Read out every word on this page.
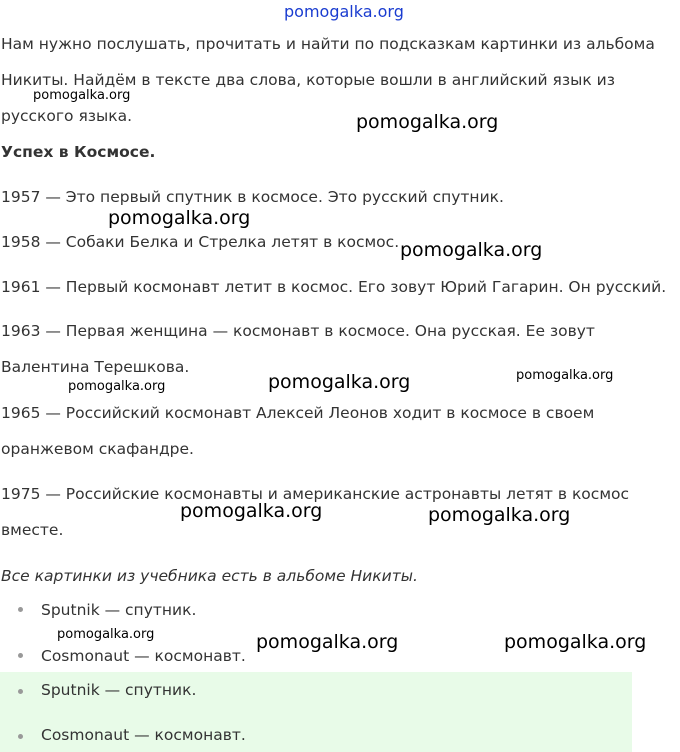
pomogalka.org

Нам нужно послушать, прочитать и найти по подсказкам картинки из альбома

Никиты. Найдём в тексте два слова, которые вошли в английский язык из

русского языка.

Успех в Космосе.

1957 — Это первый спутник в космосе. Это русский спутник.

1958 — Собаки Белка и Стрелка летят в космос.

1961 — Первый космонавт летит в космос. Его зовут Юрий Гагарин. Он русский.

1963 — Первая женщина — космонавт в космосе. Она русская. Ее зовут

Валентина Терешкова.

1965 — Российский космонавт Алексей Леонов ходит в космосе в своем

оранжевом скафандре.

1975 — Российские космонавты и американские астронавты летят в космос

вместе.

Все картинки из учебника есть в альбоме Никиты.

Sputnik — спутник.
Cosmonaut — космонавт.
Sputnik — спутник.
Cosmonaut — космонавт.
pomogalka.org
pomogalka.org
pomogalka.org
pomogalka.org
pomogalka.org	pomogalka.org	pomogalka.org
pomogalka.org	pomogalka.org
pomogalka.org	pomogalka.org	pomogalka.org
